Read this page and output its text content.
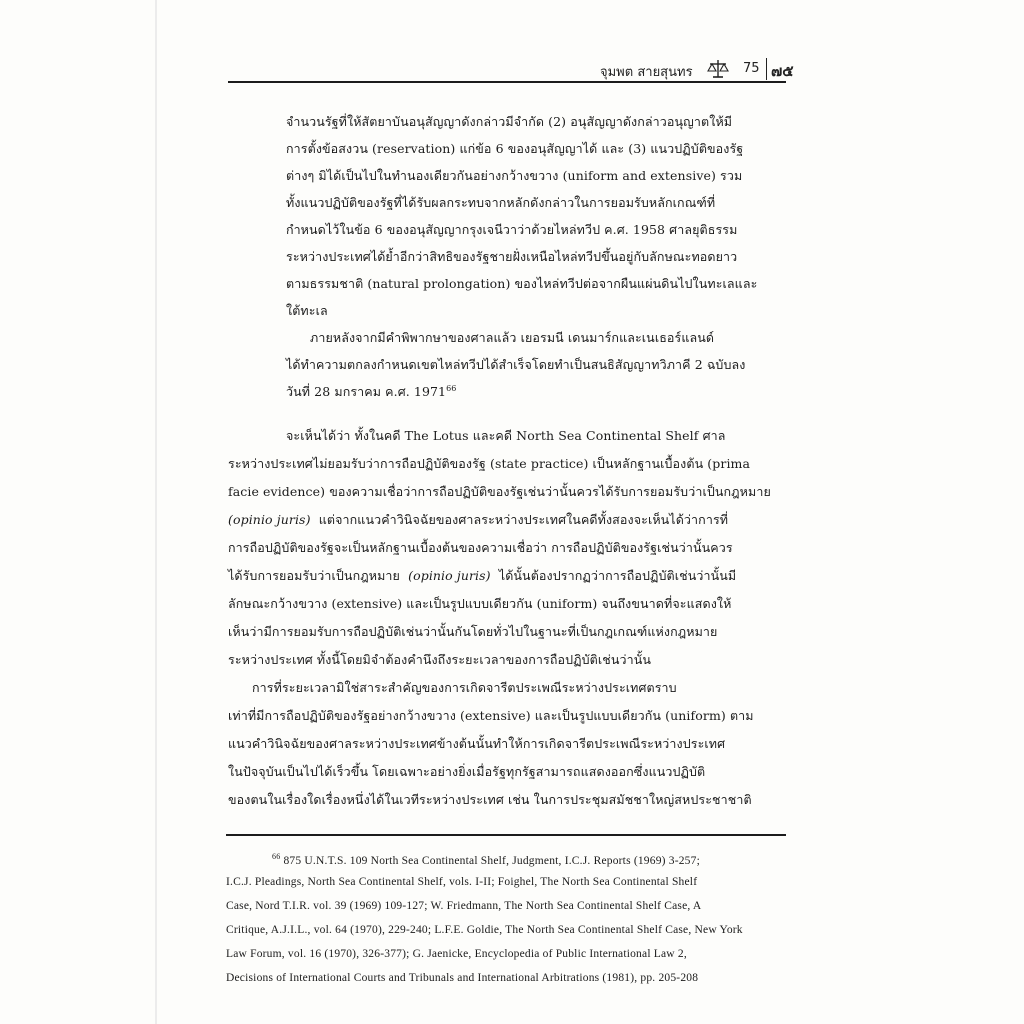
จุมพต สายสุนทร	75 ๗๕
จำนวนรัฐที่ให้สัตยาบันอนุสัญญาดังกล่าวมีจำกัด (2) อนุสัญญาดังกล่าวอนุญาตให้มี
การตั้งข้อสงวน (reservation) แก่ข้อ 6 ของอนุสัญญาได้ และ (3) แนวปฏิบัติของรัฐ
ต่างๆ มิได้เป็นไปในทำนองเดียวกันอย่างกว้างขวาง (uniform and extensive) รวม
ทั้งแนวปฏิบัติของรัฐที่ได้รับผลกระทบจากหลักดังกล่าวในการยอมรับหลักเกณฑ์ที่
กำหนดไว้ในข้อ 6 ของอนุสัญญากรุงเจนีวาว่าด้วยไหล่ทวีป ค.ศ. 1958 ศาลยุติธรรม
ระหว่างประเทศได้ย้ำอีกว่าสิทธิของรัฐชายฝั่งเหนือไหล่ทวีปขึ้นอยู่กับลักษณะทอดยาว
ตามธรรมชาติ (natural prolongation) ของไหล่ทวีปต่อจากผืนแผ่นดินไปในทะเลและ
ใต้ทะเล
ภายหลังจากมีคำพิพากษาของศาลแล้ว เยอรมนี เดนมาร์กและเนเธอร์แลนด์
ได้ทำความตกลงกำหนดเขตไหล่ทวีปได้สำเร็จโดยทำเป็นสนธิสัญญาทวิภาคี 2 ฉบับลง
วันที่ 28 มกราคม ค.ศ. 1971$^{66}$
จะเห็นได้ว่า ทั้งในคดี The Lotus และคดี North Sea Continental Shelf ศาล
ระหว่างประเทศไม่ยอมรับว่าการถือปฏิบัติของรัฐ (state practice) เป็นหลักฐานเบื้องต้น (prima
facie evidence) ของความเชื่อว่าการถือปฏิบัติของรัฐเช่นว่านั้นควรได้รับการยอมรับว่าเป็นกฎหมาย
(opinio juris) แต่จากแนวคำวินิจฉัยของศาลระหว่างประเทศในคดีทั้งสองจะเห็นได้ว่าการที่
การถือปฏิบัติของรัฐจะเป็นหลักฐานเบื้องต้นของความเชื่อว่า การถือปฏิบัติของรัฐเช่นว่านั้นควร
ได้รับการยอมรับว่าเป็นกฎหมาย (opinio juris) ได้นั้นต้องปรากฏว่าการถือปฏิบัติเช่นว่านั้นมี
ลักษณะกว้างขวาง (extensive) และเป็นรูปแบบเดียวกัน (uniform) จนถึงขนาดที่จะแสดงให้
เห็นว่ามีการยอมรับการถือปฏิบัติเช่นว่านั้นกันโดยทั่วไปในฐานะที่เป็นกฎเกณฑ์แห่งกฎหมาย
ระหว่างประเทศ ทั้งนี้โดยมิจำต้องคำนึงถึงระยะเวลาของการถือปฏิบัติเช่นว่านั้น
การที่ระยะเวลามิใช่สาระสำคัญของการเกิดจารีตประเพณีระหว่างประเทศตราบ
เท่าที่มีการถือปฏิบัติของรัฐอย่างกว้างขวาง (extensive) และเป็นรูปแบบเดียวกัน (uniform) ตาม
แนวคำวินิจฉัยของศาลระหว่างประเทศข้างต้นนั้นทำให้การเกิดจารีตประเพณีระหว่างประเทศ
ในปัจจุบันเป็นไปได้เร็วขึ้น โดยเฉพาะอย่างยิ่งเมื่อรัฐทุกรัฐสามารถแสดงออกซึ่งแนวปฏิบัติ
ของตนในเรื่องใดเรื่องหนึ่งได้ในเวทีระหว่างประเทศ เช่น ในการประชุมสมัชชาใหญ่สหประชาชาติ
$^{66}$ 875 U.N.T.S. 109 North Sea Continental Shelf, Judgment, I.C.J. Reports (1969) 3-257;
I.C.J. Pleadings, North Sea Continental Shelf, vols. I-II; Foighel, The North Sea Continental Shelf
Case, Nord T.I.R. vol. 39 (1969) 109-127; W. Friedmann, The North Sea Continental Shelf Case, A
Critique, A.J.I.L., vol. 64 (1970), 229-240; L.F.E. Goldie, The North Sea Continental Shelf Case, New York
Law Forum, vol. 16 (1970), 326-377); G. Jaenicke, Encyclopedia of Public International Law 2,
Decisions of International Courts and Tribunals and International Arbitrations (1981), pp. 205-208
